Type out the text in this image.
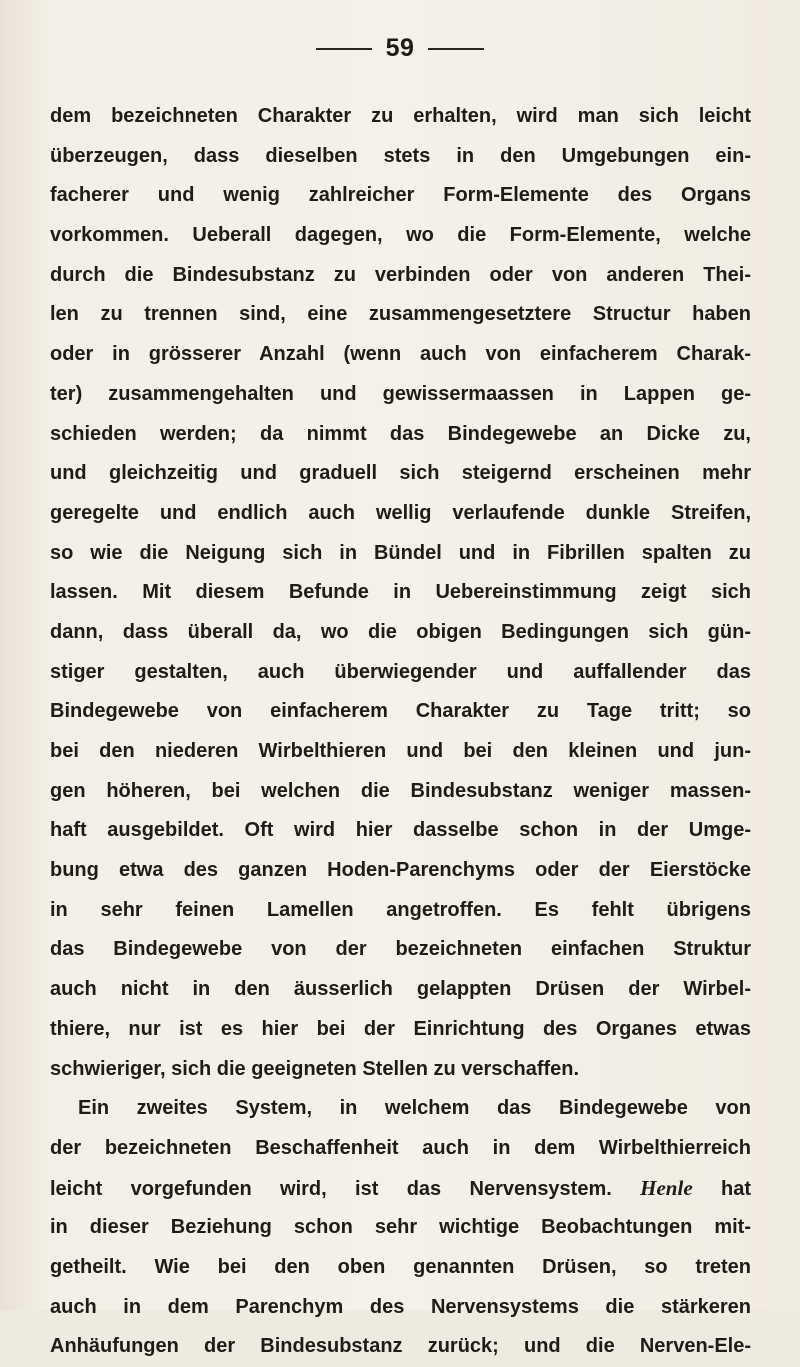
59
dem bezeichneten Charakter zu erhalten, wird man sich leicht
überzeugen, dass dieselben stets in den Umgebungen ein-
facherer und wenig zahlreicher Form-Elemente des Organs
vorkommen. Ueberall dagegen, wo die Form-Elemente, welche
durch die Bindesubstanz zu verbinden oder von anderen Thei-
len zu trennen sind, eine zusammengesetztere Structur haben
oder in grösserer Anzahl (wenn auch von einfacherem Charak-
ter) zusammengehalten und gewissermaassen in Lappen ge-
schieden werden; da nimmt das Bindegewebe an Dicke zu,
und gleichzeitig und graduell sich steigernd erscheinen mehr
geregelte und endlich auch wellig verlaufende dunkle Streifen,
so wie die Neigung sich in Bündel und in Fibrillen spalten zu
lassen. Mit diesem Befunde in Uebereinstimmung zeigt sich
dann, dass überall da, wo die obigen Bedingungen sich gün-
stiger gestalten, auch überwiegender und auffallender das
Bindegewebe von einfacherem Charakter zu Tage tritt; so
bei den niederen Wirbelthieren und bei den kleinen und jun-
gen höheren, bei welchen die Bindesubstanz weniger massen-
haft ausgebildet. Oft wird hier dasselbe schon in der Umge-
bung etwa des ganzen Hoden-Parenchyms oder der Eierstöcke
in sehr feinen Lamellen angetroffen. Es fehlt übrigens
das Bindegewebe von der bezeichneten einfachen Struktur
auch nicht in den äusserlich gelappten Drüsen der Wirbel-
thiere, nur ist es hier bei der Einrichtung des Organes etwas
schwieriger, sich die geeigneten Stellen zu verschaffen.
Ein zweites System, in welchem das Bindegewebe von
der bezeichneten Beschaffenheit auch in dem Wirbelthierreich
leicht vorgefunden wird, ist das Nervensystem. Henle hat
in dieser Beziehung schon sehr wichtige Beobachtungen mit-
getheilt. Wie bei den oben genannten Drüsen, so treten
auch in dem Parenchym des Nervensystems die stärkeren
Anhäufungen der Bindesubstanz zurück; und die Nerven-Ele-
